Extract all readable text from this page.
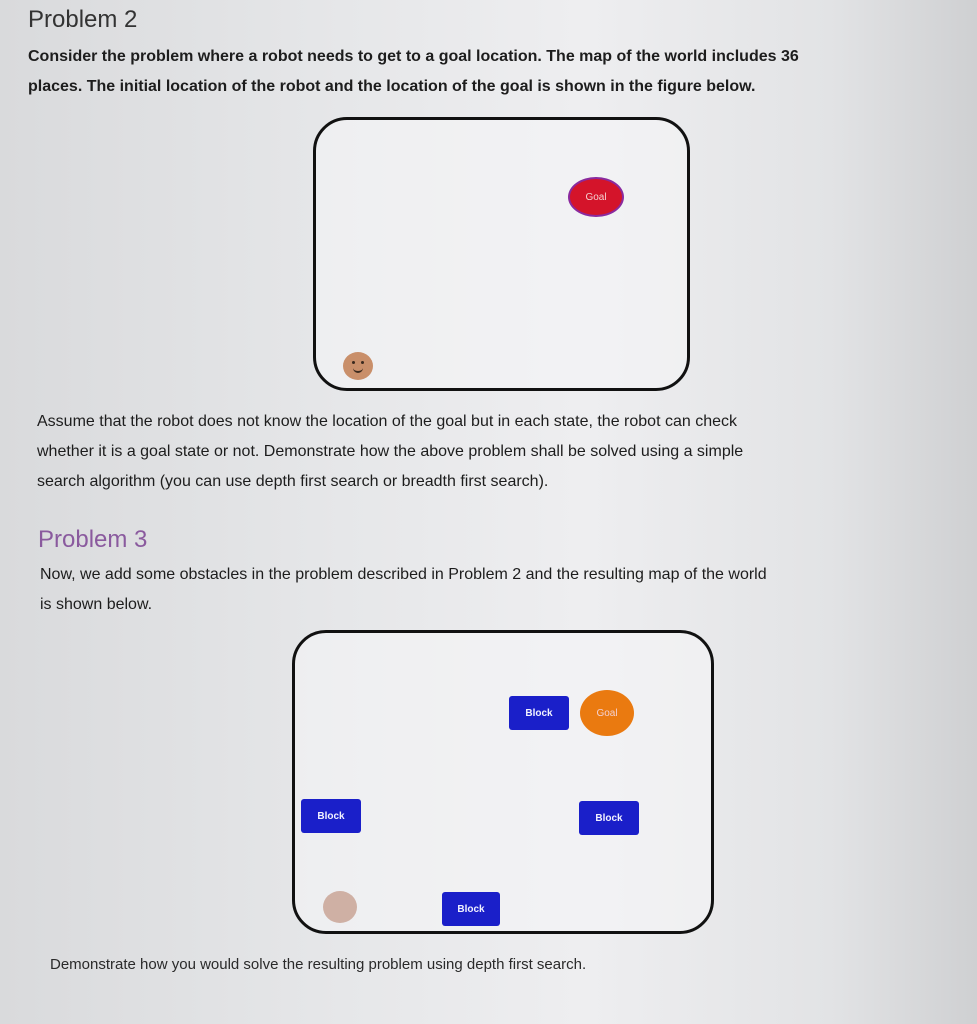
Problem 2
Consider the problem where a robot needs to get to a goal location. The map of the world includes 36
places. The initial location of the robot and the location of the goal is shown in the figure below.
Goal
Assume that the robot does not know the location of the goal but in each state, the robot can check
whether it is a goal state or not. Demonstrate how the above problem shall be solved using a simple
search algorithm (you can use depth first search or breadth first search).
Problem 3
Now, we add some obstacles in the problem described in Problem 2 and the resulting map of the world
is shown below.
Block	Goal
Block	Block
Block
Demonstrate how you would solve the resulting problem using depth first search.
